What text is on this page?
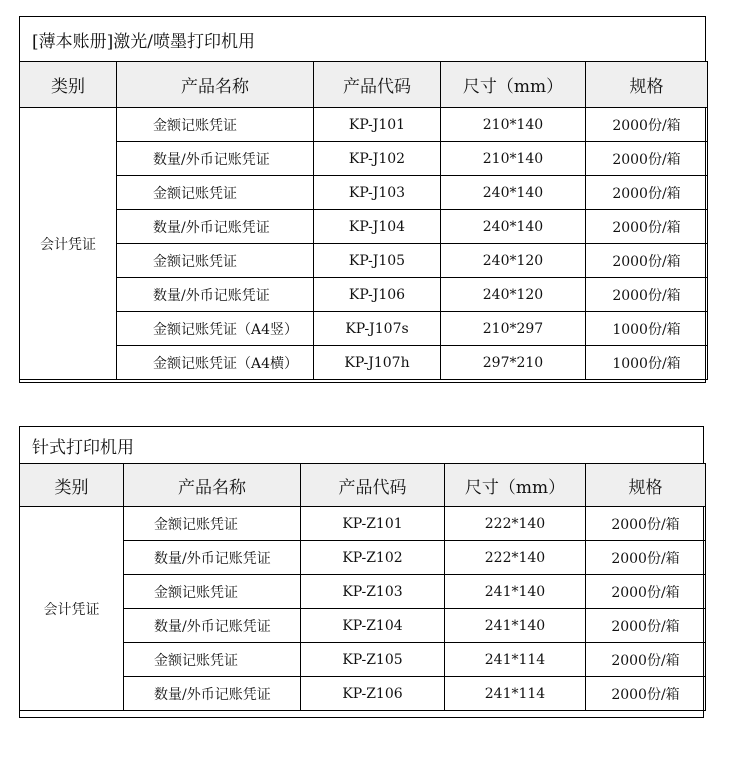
[薄本账册]激光/喷墨打印机用
类别	产品名称	产品代码	尺寸（mm）	规格
会计凭证	金额记账凭证	KP-J101	210*140	2000份/箱
	数量/外币记账凭证	KP-J102	210*140	2000份/箱
	金额记账凭证	KP-J103	240*140	2000份/箱
	数量/外币记账凭证	KP-J104	240*140	2000份/箱
	金额记账凭证	KP-J105	240*120	2000份/箱
	数量/外币记账凭证	KP-J106	240*120	2000份/箱
	金额记账凭证（A4竖）	KP-J107s	210*297	1000份/箱
	金额记账凭证（A4横）	KP-J107h	297*210	1000份/箱
针式打印机用
类别	产品名称	产品代码	尺寸（mm）	规格
会计凭证	金额记账凭证	KP-Z101	222*140	2000份/箱
	数量/外币记账凭证	KP-Z102	222*140	2000份/箱
	金额记账凭证	KP-Z103	241*140	2000份/箱
	数量/外币记账凭证	KP-Z104	241*140	2000份/箱
	金额记账凭证	KP-Z105	241*114	2000份/箱
	数量/外币记账凭证	KP-Z106	241*114	2000份/箱
